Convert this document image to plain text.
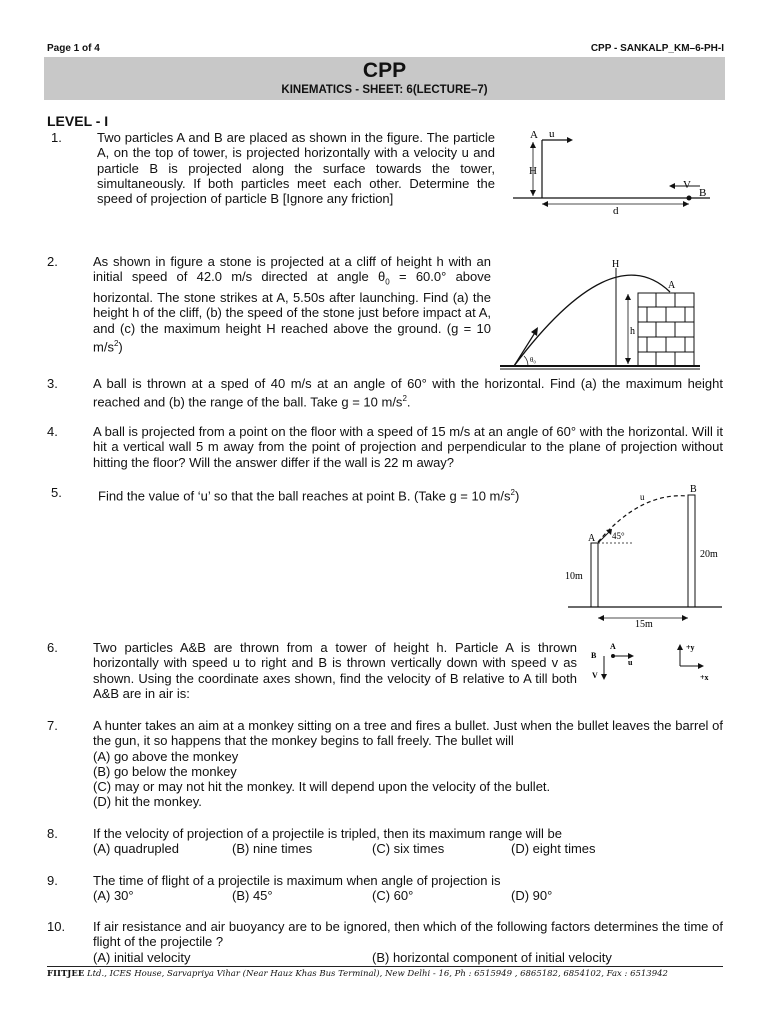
Page 1 of 4	CPP - SANKALP_KM–6-PH-I
CPP
KINEMATICS - SHEET: 6(LECTURE–7)
LEVEL - I
1.	Two particles A and B are placed as shown in the figure. The particle A, on the top of tower, is projected horizontally with a velocity u and particle B is projected along the surface towards the tower, simultaneously. If both particles meet each other. Determine the speed of projection of particle B [Ignore any friction]
A u
H
V
B
d
2.	As shown in figure a stone is projected at a cliff of height h with an initial speed of 42.0 m/s directed at angle $\theta_0 = 60.0^\circ$ above horizontal. The stone strikes at A, 5.50s after launching. Find (a) the height h of the cliff, (b) the speed of the stone just before impact at A, and (c) the maximum height H reached above the ground. (g = 10 $m/s^2$)
H
A
h
θ₀
3.	A ball is thrown at a sped of 40 m/s at an angle of 60° with the horizontal. Find (a) the maximum height reached and (b) the range of the ball. Take g = 10 $m/s^2$.
4.	A ball is projected from a point on the floor with a speed of 15 m/s at an angle of 60° with the horizontal. Will it hit a vertical wall 5 m away from the point of projection and perpendicular to the plane of projection without hitting the floor? Will the answer differ if the wall is 22 m away?
5.	Find the value of ‘u’ so that the ball reaches at point B. (Take g = 10 $m/s^2$)	B
u
A 45°
10m
20m
15m
6.	Two particles A&B are thrown from a tower of height h. Particle A is thrown horizontally with speed u to right and B is thrown vertically down with speed v as shown. Using the coordinate axes shown, find the velocity of B relative to A till both A&B are in air is:
B
A
u
V
+y
+x
7.	A hunter takes an aim at a monkey sitting on a tree and fires a bullet. Just when the bullet leaves the barrel of the gun, it so happens that the monkey begins to fall freely. The bullet will
(A) go above the monkey
(B) go below the monkey
(C) may or may not hit the monkey. It will depend upon the velocity of the bullet.
(D) hit the monkey.
8.	If the velocity of projection of a projectile is tripled, then its maximum range will be
(A) quadrupled	(B) nine times	(C) six times	(D) eight times
9.	The time of flight of a projectile is maximum when angle of projection is
(A) 30°	(B) 45°	(C) 60°	(D) 90°
10. If air resistance and air buoyancy are to be ignored, then which of the following factors determines the time of flight of the projectile ?
(A) initial velocity	(B) horizontal component of initial velocity
FIITJEE Ltd., ICES House, Sarvapriya Vihar (Near Hauz Khas Bus Terminal), New Delhi - 16, Ph : 6515949 , 6865182, 6854102, Fax : 6513942
